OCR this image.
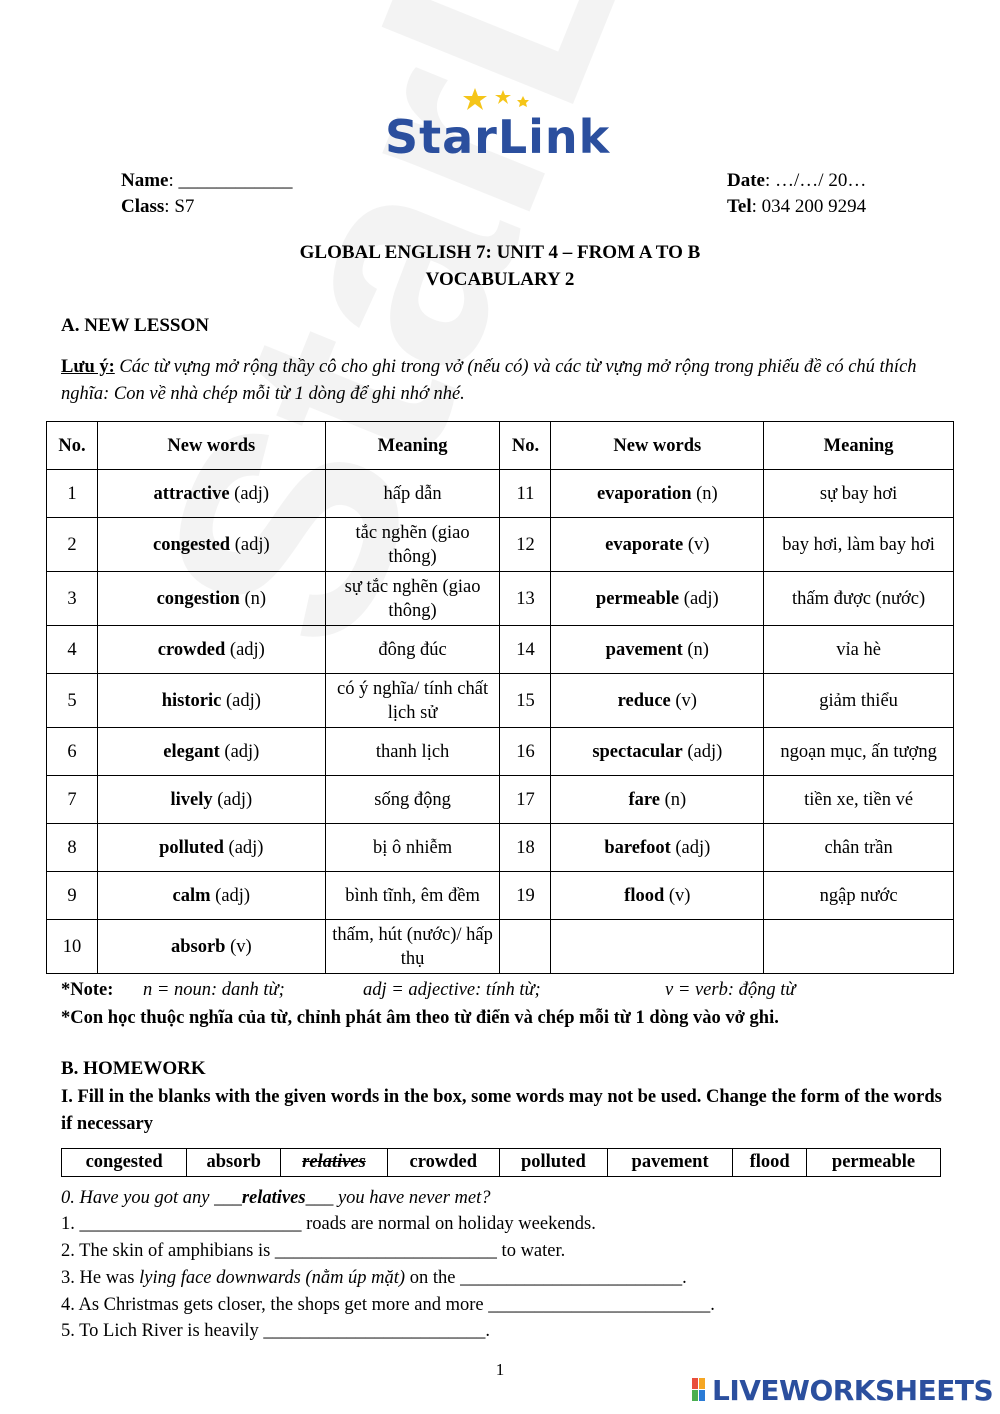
StarLink
Name: ____________
Class: S7
Date: …/…/ 20…
Tel: 034 200 9294
GLOBAL ENGLISH 7: UNIT 4 – FROM A TO B
VOCABULARY 2
A. NEW LESSON
Lưu ý: Các từ vựng mở rộng thầy cô cho ghi trong vở (nếu có) và các từ vựng mở rộng trong phiếu đề có chú thích nghĩa: Con về nhà chép mỗi từ 1 dòng để ghi nhớ nhé.
No.	New words	Meaning	No.	New words	Meaning
1	attractive (adj)	hấp dẫn	11	evaporation (n)	sự bay hơi
2	congested (adj)	tắc nghẽn (giao thông)	12	evaporate (v)	bay hơi, làm bay hơi
3	congestion (n)	sự tắc nghẽn (giao thông)	13	permeable (adj)	thấm được (nước)
4	crowded (adj)	đông đúc	14	pavement (n)	vỉa hè
5	historic (adj)	có ý nghĩa/ tính chất lịch sử	15	reduce (v)	giảm thiểu
6	elegant (adj)	thanh lịch	16	spectacular (adj)	ngoạn mục, ấn tượng
7	lively (adj)	sống động	17	fare (n)	tiền xe, tiền vé
8	polluted (adj)	bị ô nhiễm	18	barefoot (adj)	chân trần
9	calm (adj)	bình tĩnh, êm đềm	19	flood (v)	ngập nước
10	absorb (v)	thấm, hút (nước)/ hấp thụ			
*Note: n = noun: danh từ;	adj = adjective: tính từ;	v = verb: động từ
*Con học thuộc nghĩa của từ, chỉnh phát âm theo từ điển và chép mỗi từ 1 dòng vào vở ghi.
B. HOMEWORK
I. Fill in the blanks with the given words in the box, some words may not be used. Change the form of the words if necessary
congested	absorb	relatives	crowded	polluted	pavement	flood	permeable
0. Have you got any ___relatives___ you have never met?
1. ________________________ roads are normal on holiday weekends.
2. The skin of amphibians is ________________________ to water.
3. He was lying face downwards (nằm úp mặt) on the ________________________.
4. As Christmas gets closer, the shops get more and more ________________________.
5. To Lich River is heavily ________________________.
1
LIVEWORKSHEETS
